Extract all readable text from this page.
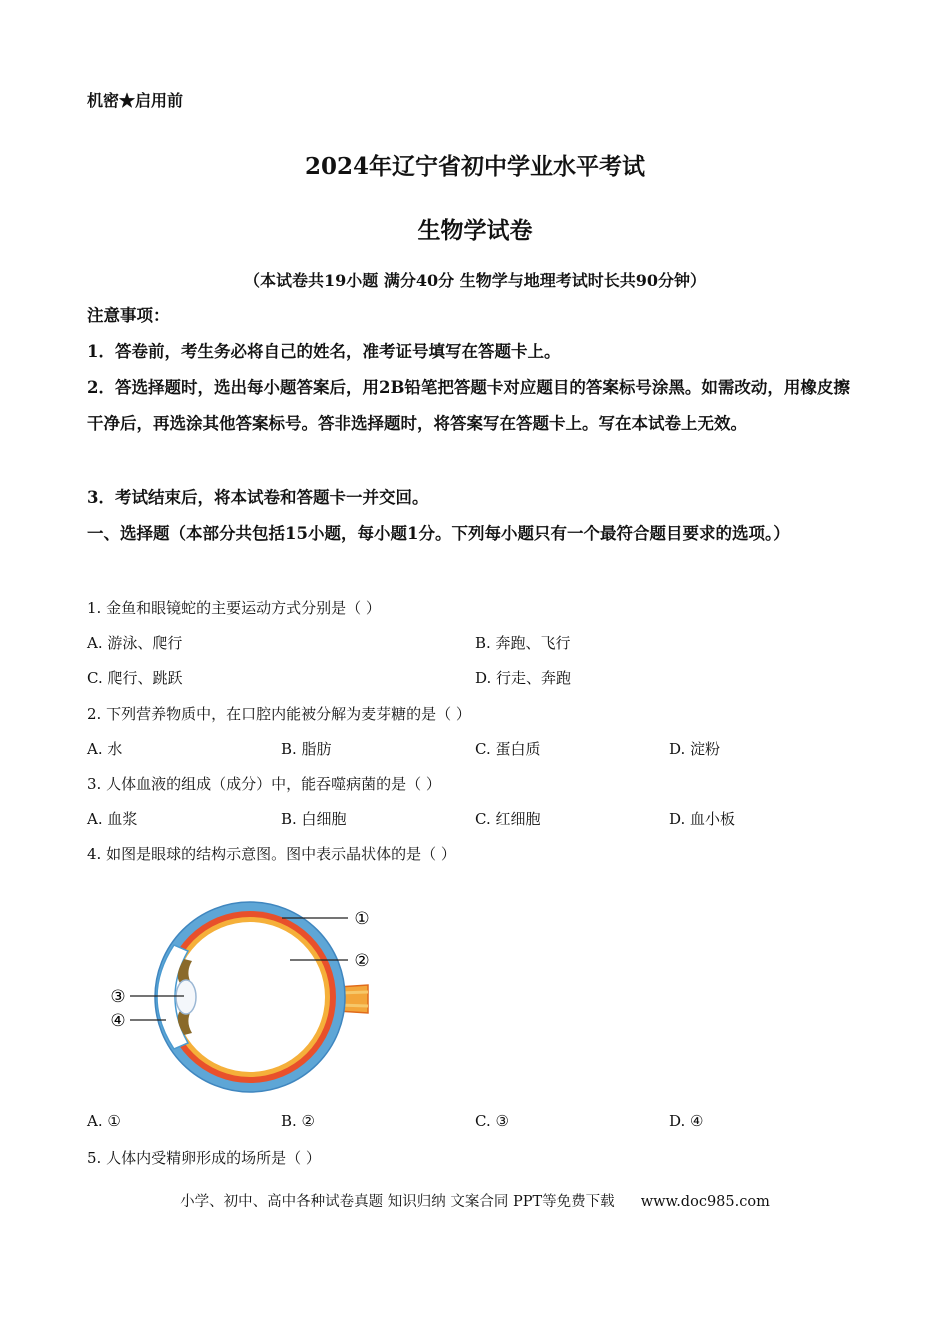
机密★启用前
2024年辽宁省初中学业水平考试
生物学试卷
（本试卷共19小题 满分40分 生物学与地理考试时长共90分钟）
注意事项：
1．答卷前，考生务必将自己的姓名，准考证号填写在答题卡上。
2．答选择题时，选出每小题答案后，用2B铅笔把答题卡对应题目的答案标号涂黑。如需改动，用橡皮擦干净后，再选涂其他答案标号。答非选择题时，将答案写在答题卡上。写在本试卷上无效。
3．考试结束后，将本试卷和答题卡一并交回。
一、选择题（本部分共包括15小题，每小题1分。下列每小题只有一个最符合题目要求的选项。）
1. 金鱼和眼镜蛇的主要运动方式分别是（ ）
A. 游泳、爬行	B. 奔跑、飞行
C. 爬行、跳跃	D. 行走、奔跑
2. 下列营养物质中，在口腔内能被分解为麦芽糖的是（ ）
A. 水	B. 脂肪	C. 蛋白质	D. 淀粉
3. 人体血液的组成（成分）中，能吞噬病菌的是（ ）
A. 血浆	B. 白细胞	C. 红细胞	D. 血小板
4. 如图是眼球的结构示意图。图中表示晶状体的是（ ）
①
②
③
④
A. ①	B. ②	C. ③	D. ④
5. 人体内受精卵形成的场所是（ ）
小学、初中、高中各种试卷真题 知识归纳 文案合同 PPT等免费下载 www.doc985.com
